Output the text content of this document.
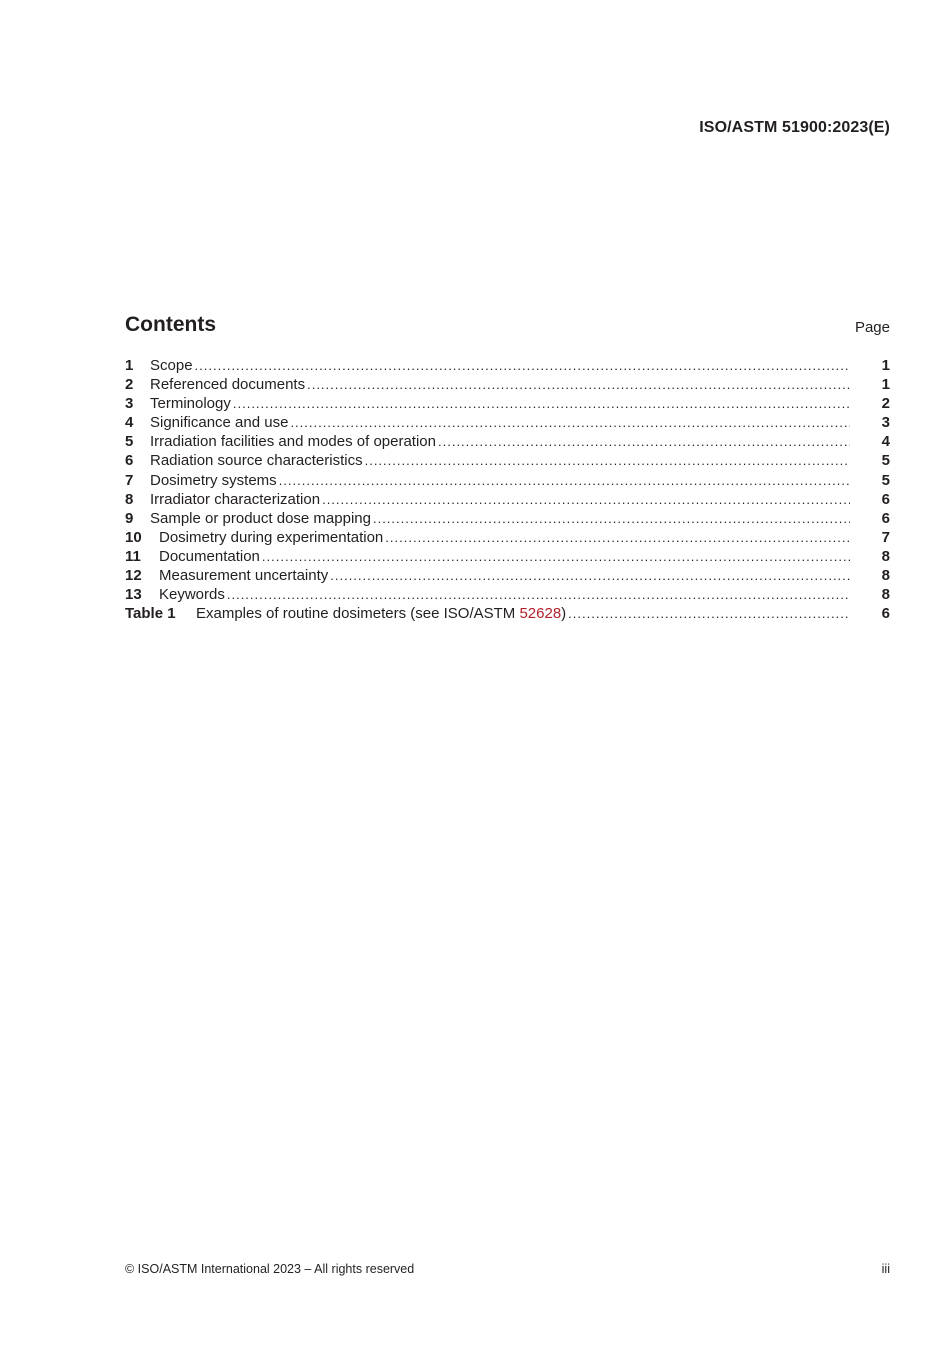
ISO/ASTM 51900:2023(E)
Contents	Page
1	Scope .....	1
2	Referenced documents .....	1
3	Terminology .....	2
4	Significance and use .....	3
5	Irradiation facilities and modes of operation .....	4
6	Radiation source characteristics .....	5
7	Dosimetry systems .....	5
8	Irradiator characterization .....	6
9	Sample or product dose mapping .....	6
10	Dosimetry during experimentation .....	7
11	Documentation .....	8
12	Measurement uncertainty .....	8
13	Keywords .....	8
Table 1	Examples of routine dosimeters (see ISO/ASTM 52628) .....	6
© ISO/ASTM International 2023 – All rights reserved	iii
